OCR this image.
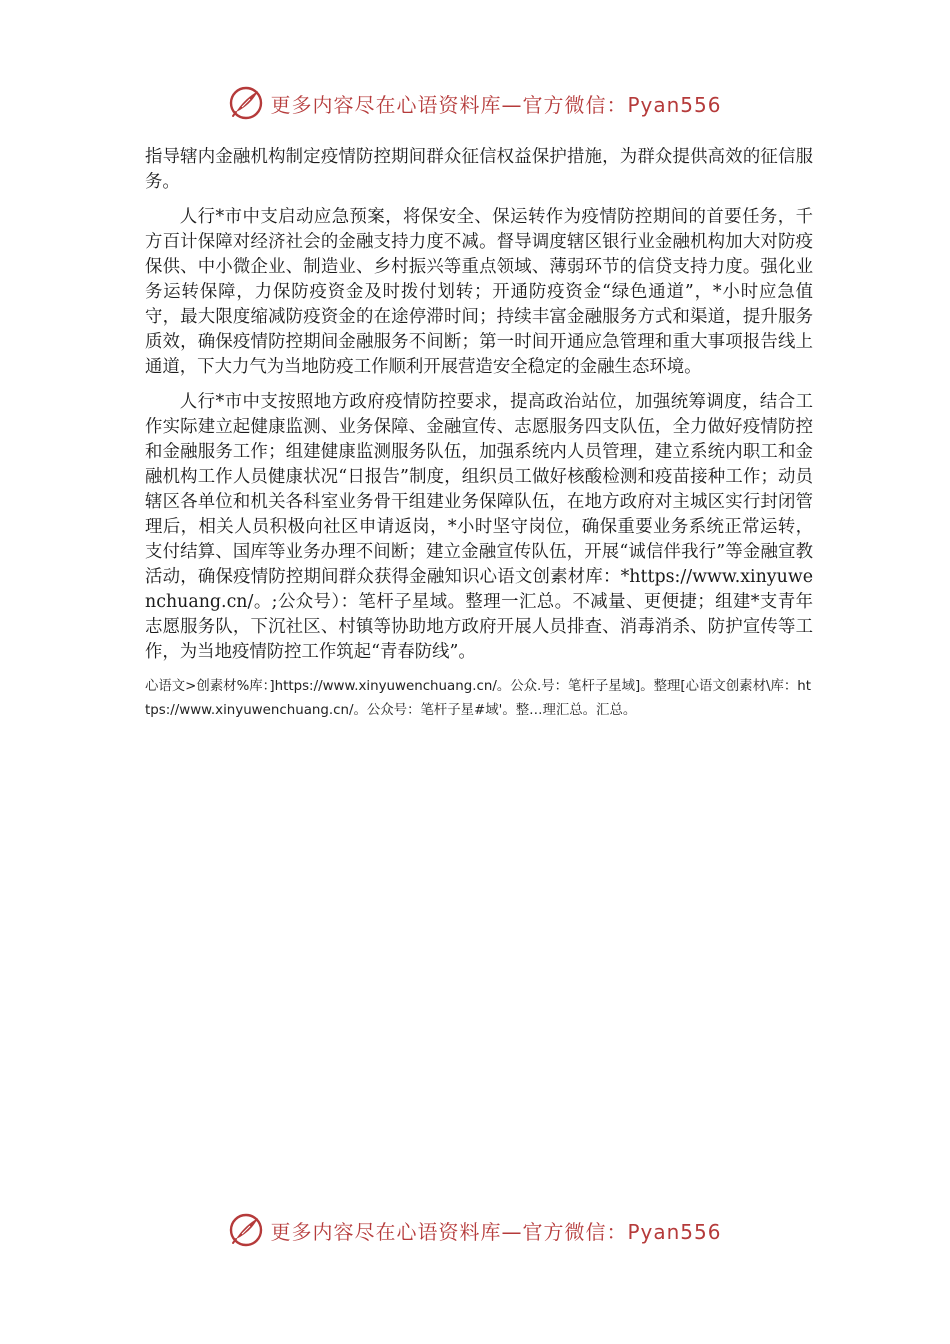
更多内容尽在心语资料库—官方微信：Pyan556

指导辖内金融机构制定疫情防控期间群众征信权益保护措施，为群众提供高效的征信服务。

人行*市中支启动应急预案，将保安全、保运转作为疫情防控期间的首要任务，千方百计保障对经济社会的金融支持力度不减。督导调度辖区银行业金融机构加大对防疫保供、中小微企业、制造业、乡村振兴等重点领域、薄弱环节的信贷支持力度。强化业务运转保障，力保防疫资金及时拨付划转；开通防疫资金“绿色通道”，*小时应急值守，最大限度缩减防疫资金的在途停滞时间；持续丰富金融服务方式和渠道，提升服务质效，确保疫情防控期间金融服务不间断；第一时间开通应急管理和重大事项报告线上通道，下大力气为当地防疫工作顺利开展营造安全稳定的金融生态环境。

人行*市中支按照地方政府疫情防控要求，提高政治站位，加强统筹调度，结合工作实际建立起健康监测、业务保障、金融宣传、志愿服务四支队伍，全力做好疫情防控和金融服务工作；组建健康监测服务队伍，加强系统内人员管理，建立系统内职工和金融机构工作人员健康状况“日报告”制度，组织员工做好核酸检测和疫苗接种工作；动员辖区各单位和机关各科室业务骨干组建业务保障队伍，在地方政府对主城区实行封闭管理后，相关人员积极向社区申请返岗，*小时坚守岗位，确保重要业务系统正常运转，支付结算、国库等业务办理不间断；建立金融宣传队伍，开展“诚信伴我行”等金融宣教活动，确保疫情防控期间群众获得金融知识心语文创素材库：*https://www.xinyuwenchuang.cn/。;公众号）：笔杆子星域。整理一汇总。不减量、更便捷；组建*支青年志愿服务队，下沉社区、村镇等协助地方政府开展人员排查、消毒消杀、防护宣传等工作，为当地疫情防控工作筑起“青春防线”。

心语文>创素材%库：]https://www.xinyuwenchuang.cn/。公众.号：笔杆子星域]。整理[心语文创素材\库：https://www.xinyuwenchuang.cn/。公众号：笔杆子星#域'。整…理汇总。汇总。

更多内容尽在心语资料库—官方微信：Pyan556
